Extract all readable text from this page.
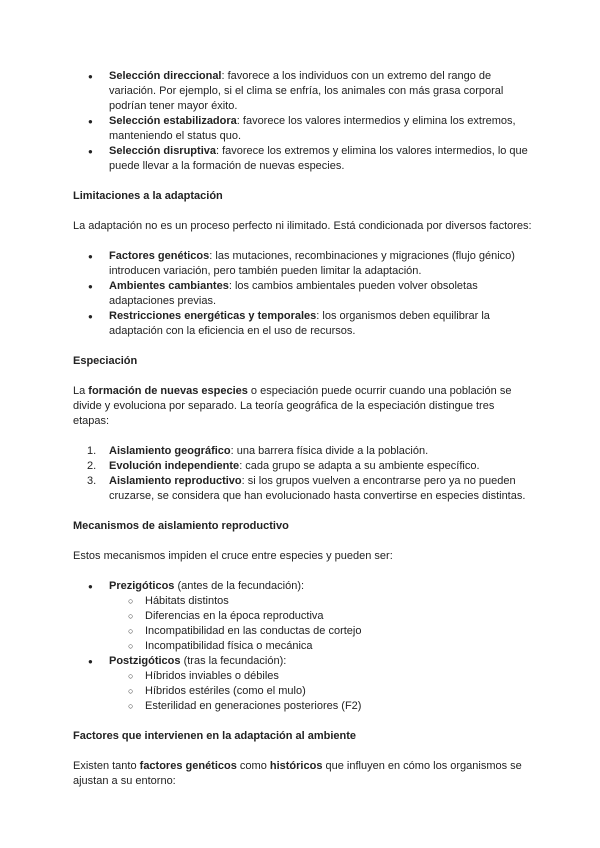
● Selección direccional: favorece a los individuos con un extremo del rango de variación. Por ejemplo, si el clima se enfría, los animales con más grasa corporal podrían tener mayor éxito.
● Selección estabilizadora: favorece los valores intermedios y elimina los extremos, manteniendo el status quo.
● Selección disruptiva: favorece los extremos y elimina los valores intermedios, lo que puede llevar a la formación de nuevas especies.

Limitaciones a la adaptación

La adaptación no es un proceso perfecto ni ilimitado. Está condicionada por diversos factores:

● Factores genéticos: las mutaciones, recombinaciones y migraciones (flujo génico) introducen variación, pero también pueden limitar la adaptación.
● Ambientes cambiantes: los cambios ambientales pueden volver obsoletas adaptaciones previas.
● Restricciones energéticas y temporales: los organismos deben equilibrar la adaptación con la eficiencia en el uso de recursos.

Especiación

La formación de nuevas especies o especiación puede ocurrir cuando una población se divide y evoluciona por separado. La teoría geográfica de la especiación distingue tres etapas:

1. Aislamiento geográfico: una barrera física divide a la población.
2. Evolución independiente: cada grupo se adapta a su ambiente específico.
3. Aislamiento reproductivo: si los grupos vuelven a encontrarse pero ya no pueden cruzarse, se considera que han evolucionado hasta convertirse en especies distintas.

Mecanismos de aislamiento reproductivo

Estos mecanismos impiden el cruce entre especies y pueden ser:

● Prezigóticos (antes de la fecundación):
○ Hábitats distintos
○ Diferencias en la época reproductiva
○ Incompatibilidad en las conductas de cortejo
○ Incompatibilidad física o mecánica
● Postzigóticos (tras la fecundación):
○ Híbridos inviables o débiles
○ Híbridos estériles (como el mulo)
○ Esterilidad en generaciones posteriores (F2)

Factores que intervienen en la adaptación al ambiente

Existen tanto factores genéticos como históricos que influyen en cómo los organismos se ajustan a su entorno:
